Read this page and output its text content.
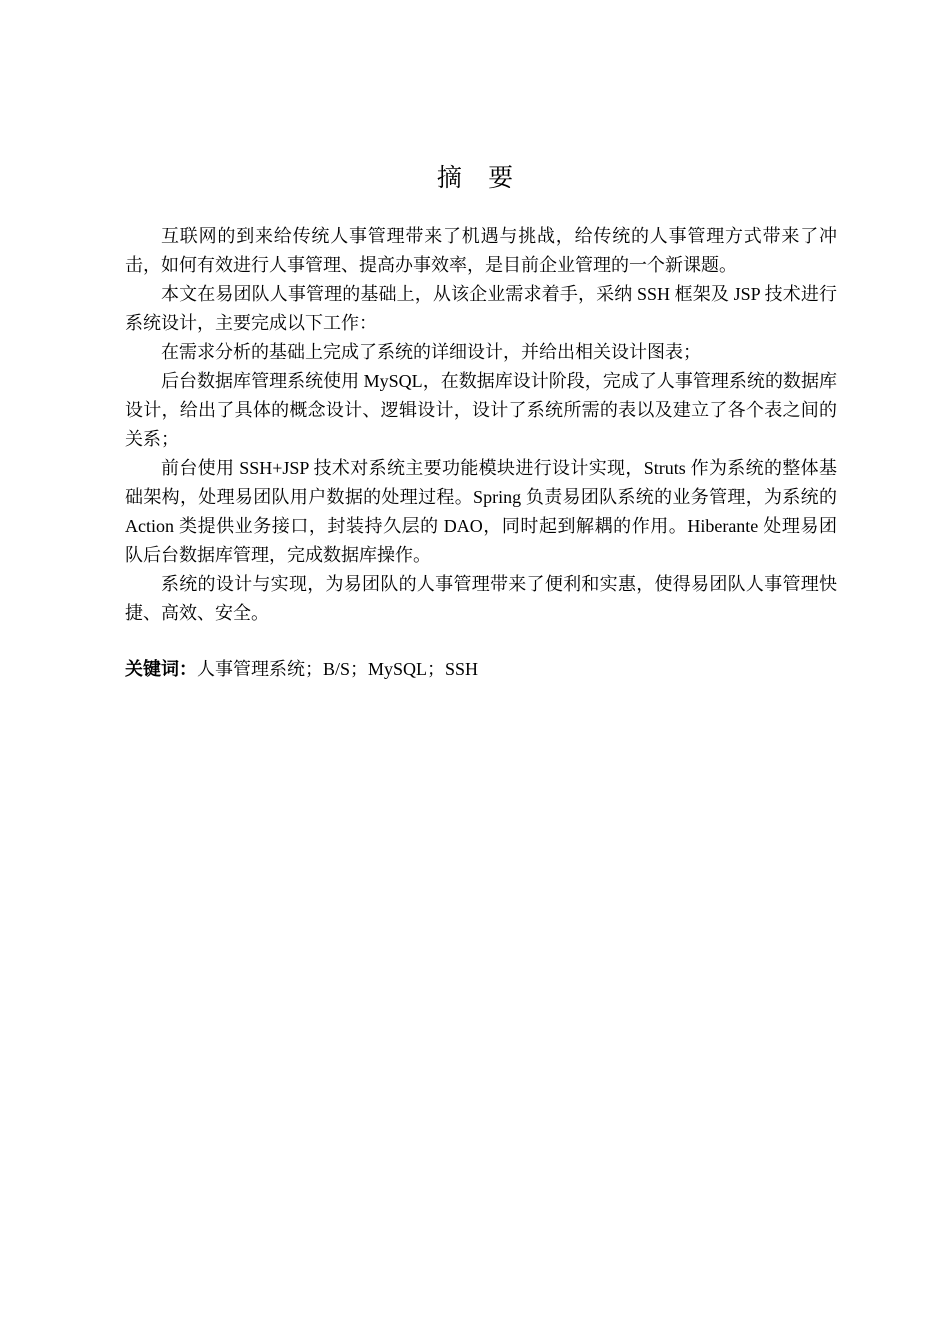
摘 要

互联网的到来给传统人事管理带来了机遇与挑战，给传统的人事管理方式带来了冲击，如何有效进行人事管理、提高办事效率，是目前企业管理的一个新课题。

本文在易团队人事管理的基础上，从该企业需求着手，采纳 SSH 框架及 JSP 技术进行系统设计，主要完成以下工作：

在需求分析的基础上完成了系统的详细设计，并给出相关设计图表；

后台数据库管理系统使用 MySQL，在数据库设计阶段，完成了人事管理系统的数据库设计，给出了具体的概念设计、逻辑设计，设计了系统所需的表以及建立了各个表之间的关系；

前台使用 SSH+JSP 技术对系统主要功能模块进行设计实现，Struts 作为系统的整体基础架构，处理易团队用户数据的处理过程。Spring 负责易团队系统的业务管理，为系统的 Action 类提供业务接口，封装持久层的 DAO，同时起到解耦的作用。Hiberante 处理易团队后台数据库管理，完成数据库操作。

系统的设计与实现，为易团队的人事管理带来了便利和实惠，使得易团队人事管理快捷、高效、安全。

关键词：人事管理系统；B/S；MySQL；SSH
